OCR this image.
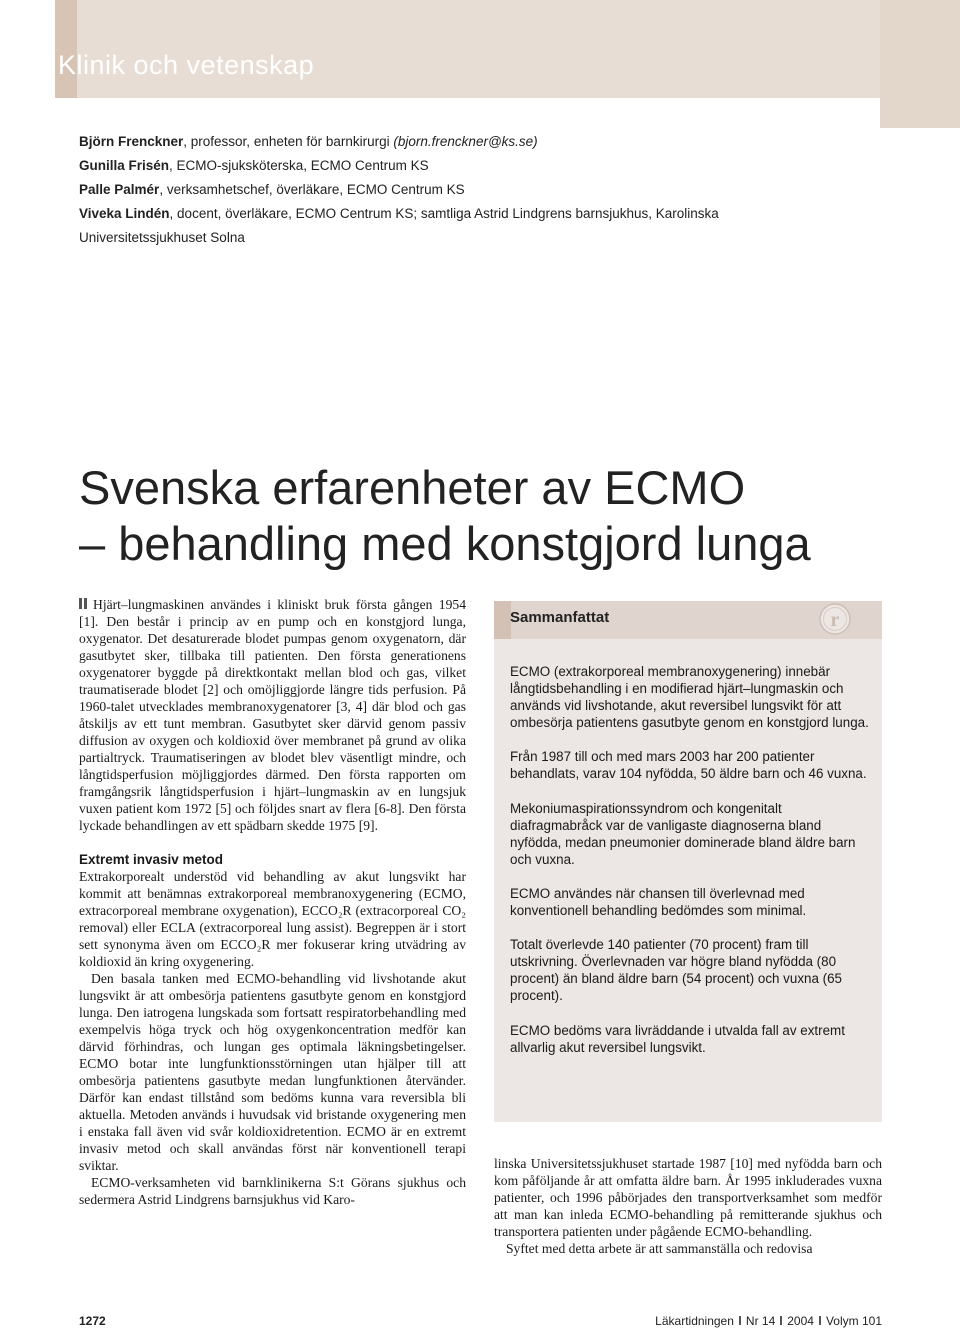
Klinik och vetenskap
Björn Frenckner, professor, enheten för barnkirurgi (bjorn.frenckner@ks.se)
Gunilla Frisén, ECMO-sjuksköterska, ECMO Centrum KS
Palle Palmér, verksamhetschef, överläkare, ECMO Centrum KS
Viveka Lindén, docent, överläkare, ECMO Centrum KS; samtliga Astrid Lindgrens barnsjukhus, Karolinska Universitetssjukhuset Solna
Svenska erfarenheter av ECMO
– behandling med konstgjord lunga

Hjärt–lungmaskinen användes i kliniskt bruk första gången 1954 [1]. Den består i princip av en pump och en konstgjord lunga, oxygenator. Det desaturerade blodet pumpas genom oxygenatorn, där gasutbytet sker, tillbaka till patienten. Den första generationens oxygenatorer byggde på direktkontakt mellan blod och gas, vilket traumatiserade blodet [2] och omöjliggjorde längre tids perfusion. På 1960-talet utvecklades membranoxygenatorer [3, 4] där blod och gas åtskiljs av ett tunt membran. Gasutbytet sker därvid genom passiv diffusion av oxygen och koldioxid över membranet på grund av olika partialtryck. Traumatiseringen av blodet blev väsentligt mindre, och långtidsperfusion möjliggjordes därmed. Den första rapporten om framgångsrik långtidsperfusion i hjärt–lungmaskin av en lungsjuk vuxen patient kom 1972 [5] och följdes snart av flera [6-8]. Den första lyckade behandlingen av ett spädbarn skedde 1975 [9].

Extremt invasiv metod

Extrakorporealt understöd vid behandling av akut lungsvikt har kommit att benämnas extrakorporeal membranoxygenering (ECMO, extracorporeal membrane oxygenation), ECCO₂R (extracorporeal CO₂ removal) eller ECLA (extracorporeal lung assist). Begreppen är i stort sett synonyma även om ECCO₂R mer fokuserar kring utvädring av koldioxid än kring oxygenering.

Den basala tanken med ECMO-behandling vid livshotande akut lungsvikt är att ombesörja patientens gasutbyte genom en konstgjord lunga. Den iatrogena lungskada som fortsatt respiratorbehandling med exempelvis höga tryck och hög oxygenkoncentration medför kan därvid förhindras, och lungan ges optimala läkningsbetingelser. ECMO botar inte lungfunktionsstörningen utan hjälper till att ombesörja patientens gasutbyte medan lungfunktionen återvänder. Därför kan endast tillstånd som bedöms kunna vara reversibla bli aktuella. Metoden används i huvudsak vid bristande oxygenering men i enstaka fall även vid svår koldioxidretention. ECMO är en extremt invasiv metod och skall användas först när konventionell terapi sviktar.

ECMO-verksamheten vid barnklinikerna S:t Görans sjukhus och sedermera Astrid Lindgrens barnsjukhus vid Karo-

Sammanfattat	r

ECMO (extrakorporeal membranoxygenering) innebär långtidsbehandling i en modifierad hjärt–lungmaskin och används vid livshotande, akut reversibel lungsvikt för att ombesörja patientens gasutbyte genom en konstgjord lunga.

Från 1987 till och med mars 2003 har 200 patienter behandlats, varav 104 nyfödda, 50 äldre barn och 46 vuxna.

Mekoniumaspirationssyndrom och kongenitalt diafragmabråck var de vanligaste diagnoserna bland nyfödda, medan pneumonier dominerade bland äldre barn och vuxna.

ECMO användes när chansen till överlevnad med konventionell behandling bedömdes som minimal.

Totalt överlevde 140 patienter (70 procent) fram till utskrivning. Överlevnaden var högre bland nyfödda (80 procent) än bland äldre barn (54 procent) och vuxna (65 procent).

ECMO bedöms vara livräddande i utvalda fall av extremt allvarlig akut reversibel lungsvikt.

linska Universitetssjukhuset startade 1987 [10] med nyfödda barn och kom påföljande år att omfatta äldre barn. År 1995 inkluderades vuxna patienter, och 1996 påbörjades den transportverksamhet som medför att man kan inleda ECMO-behandling på remitterande sjukhus och transportera patienten under pågående ECMO-behandling.

Syftet med detta arbete är att sammanställa och redovisa

1272	Läkartidningen Nr 14 2004 Volym 101
